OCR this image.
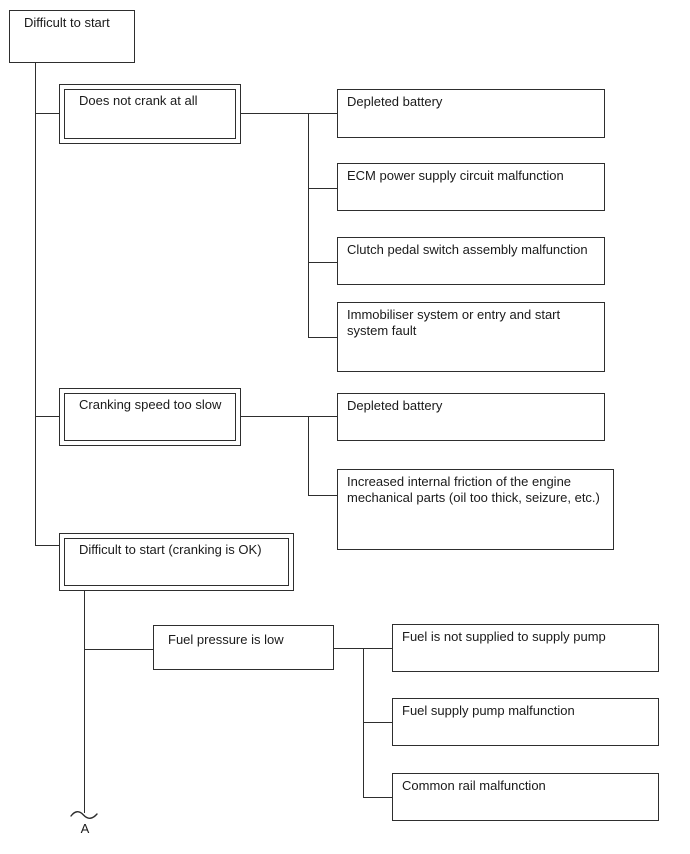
Difficult to start
Does not crank at all	Depleted battery
ECM power supply circuit malfunction
Clutch pedal switch assembly malfunction
Immobiliser system or entry and start system fault
Cranking speed too slow	Depleted battery
Increased internal friction of the engine mechanical parts (oil too thick, seizure, etc.)
Difficult to start (cranking is OK)
Fuel pressure is low	Fuel is not supplied to supply pump
Fuel supply pump malfunction
Common rail malfunction
A
